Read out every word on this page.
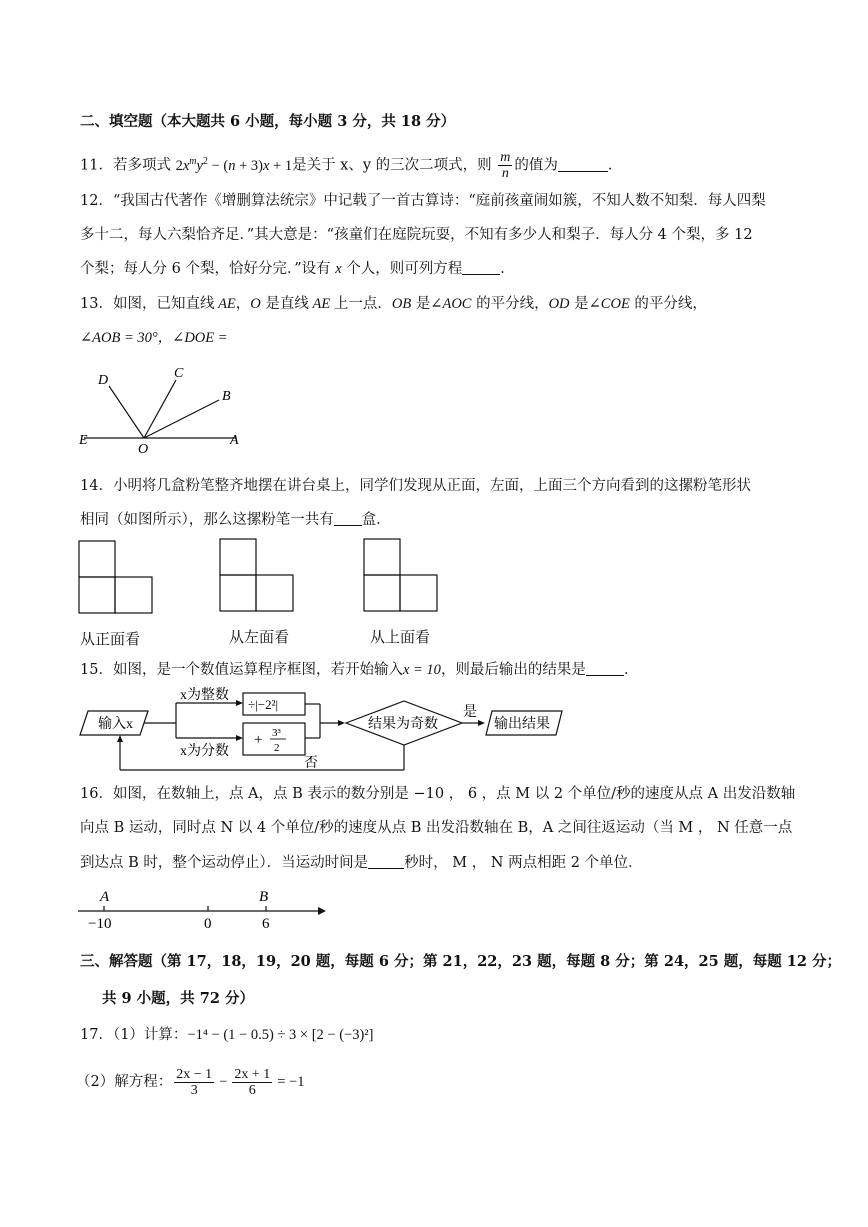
二、填空题（本大题共 6 小题，每小题 3 分，共 18 分）
11．若多项式 $2x^my^2 - (n + 3)x + 1$是关于 x、y 的三次二项式，则 $\frac{m}{n}$ 的值为	．
12．“我国古代著作《增删算法统宗》中记载了一首古算诗：“庭前孩童闹如簇，不知人数不知梨．每人四梨
多十二，每人六梨恰齐足．”其大意是：“孩童们在庭院玩耍，不知有多少人和梨子．每人分 4 个梨，多 12
个梨；每人分 6 个梨，恰好分完．”设有 x 个人，则可列方程	．
13．如图，已知直线 AE，O 是直线 AE 上一点．OB 是∠AOC 的平分线，OD 是∠COE 的平分线，
∠AOB = 30°，∠DOE =
D	C
B
E
O
A
14．小明将几盒粉笔整齐地摆在讲台桌上，同学们发现从正面，左面，上面三个方向看到的这摞粉笔形状
相同（如图所示），那么这摞粉笔一共有 盒．
从正面看	从左面看	从上面看
15．如图，是一个数值运算程序框图，若开始输入x = 10，则最后输出的结果是	．
输入x
x为整数
x为分数
÷|−2²|
+ 3³
2
结果为奇数
是
输出结果
否
16．如图，在数轴上，点 A，点 B 表示的数分别是 −10 ， 6 ，点 M 以 2 个单位/秒的速度从点 A 出发沿数轴
向点 B 运动，同时点 N 以 4 个单位/秒的速度从点 B 出发沿数轴在 B，A 之间往返运动（当 M ， N 任意一点
到达点 B 时，整个运动停止）．当运动时间是 秒时， M ， N 两点相距 2 个单位．
A	B
−10	0	6
三、解答题（第 17，18，19，20 题，每题 6 分；第 21，22，23 题，每题 8 分；第 24，25 题，每题 12 分；
共 9 小题，共 72 分）
17．（1）计算：−1⁴ − (1 − 0.5) ÷ 3 × [2 − (−3)²]
（2）解方程： $\frac{2x - 1}{3} - \frac{2x + 1}{6} = -1$
